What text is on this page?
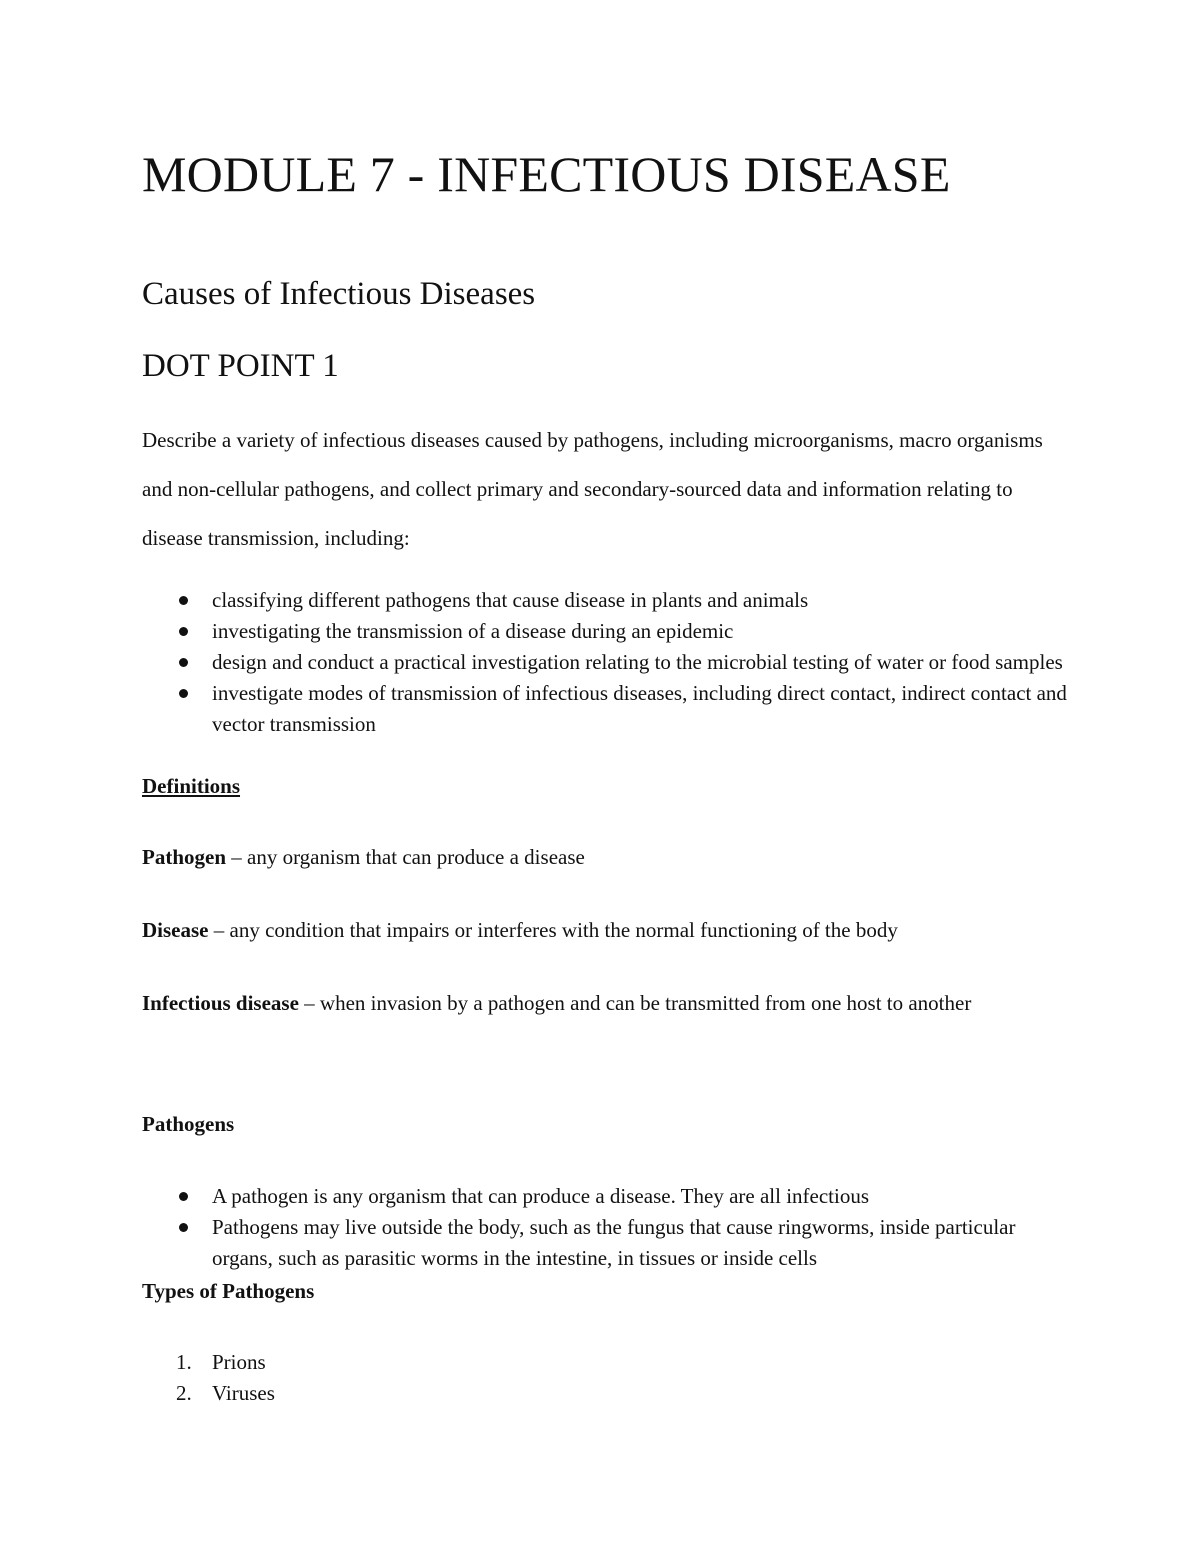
MODULE 7 - INFECTIOUS DISEASE
Causes of Infectious Diseases
DOT POINT 1

Describe a variety of infectious diseases caused by pathogens, including microorganisms, macro organisms and non-cellular pathogens, and collect primary and secondary-sourced data and information relating to disease transmission, including:

classifying different pathogens that cause disease in plants and animals
investigating the transmission of a disease during an epidemic
design and conduct a practical investigation relating to the microbial testing of water or food samples
investigate modes of transmission of infectious diseases, including direct contact, indirect contact and vector transmission
Definitions

Pathogen – any organism that can produce a disease

Disease – any condition that impairs or interferes with the normal functioning of the body

Infectious disease – when invasion by a pathogen and can be transmitted from one host to another

Pathogens
A pathogen is any organism that can produce a disease. They are all infectious
Pathogens may live outside the body, such as the fungus that cause ringworms, inside particular organs, such as parasitic worms in the intestine, in tissues or inside cells
Types of Pathogens
1. Prions
2. Viruses
